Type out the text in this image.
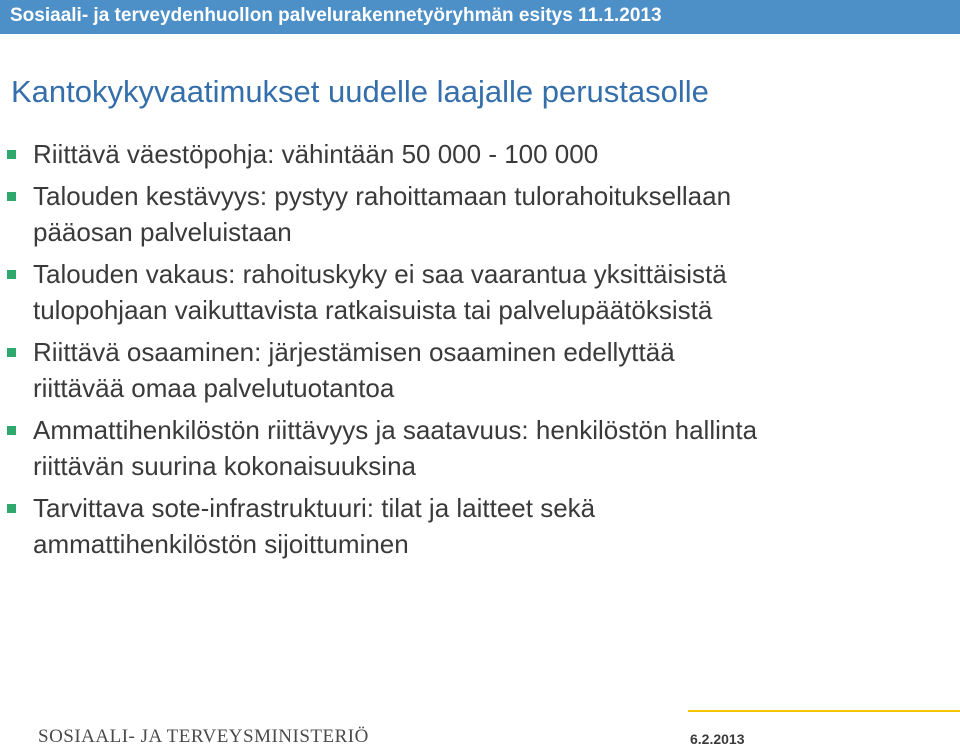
Sosiaali- ja terveydenhuollon palvelurakennetyöryhmän esitys 11.1.2013
Kantokykyvaatimukset uudelle laajalle perustasolle
Riittävä väestöpohja: vähintään 50 000 - 100 000
Talouden kestävyys: pystyy rahoittamaan tulorahoituksellaan
pääosan palveluistaan
Talouden vakaus: rahoituskyky ei saa vaarantua yksittäisistä
tulopohjaan vaikuttavista ratkaisuista tai palvelupäätöksistä
Riittävä osaaminen: järjestämisen osaaminen edellyttää
riittävää omaa palvelutuotantoa
Ammattihenkilöstön riittävyys ja saatavuus: henkilöstön hallinta
riittävän suurina kokonaisuuksina
Tarvittava sote-infrastruktuuri: tilat ja laitteet sekä
ammattihenkilöstön sijoittuminen
SOSIAALI- JA TERVEYSMINISTERIÖ	6.2.2013
